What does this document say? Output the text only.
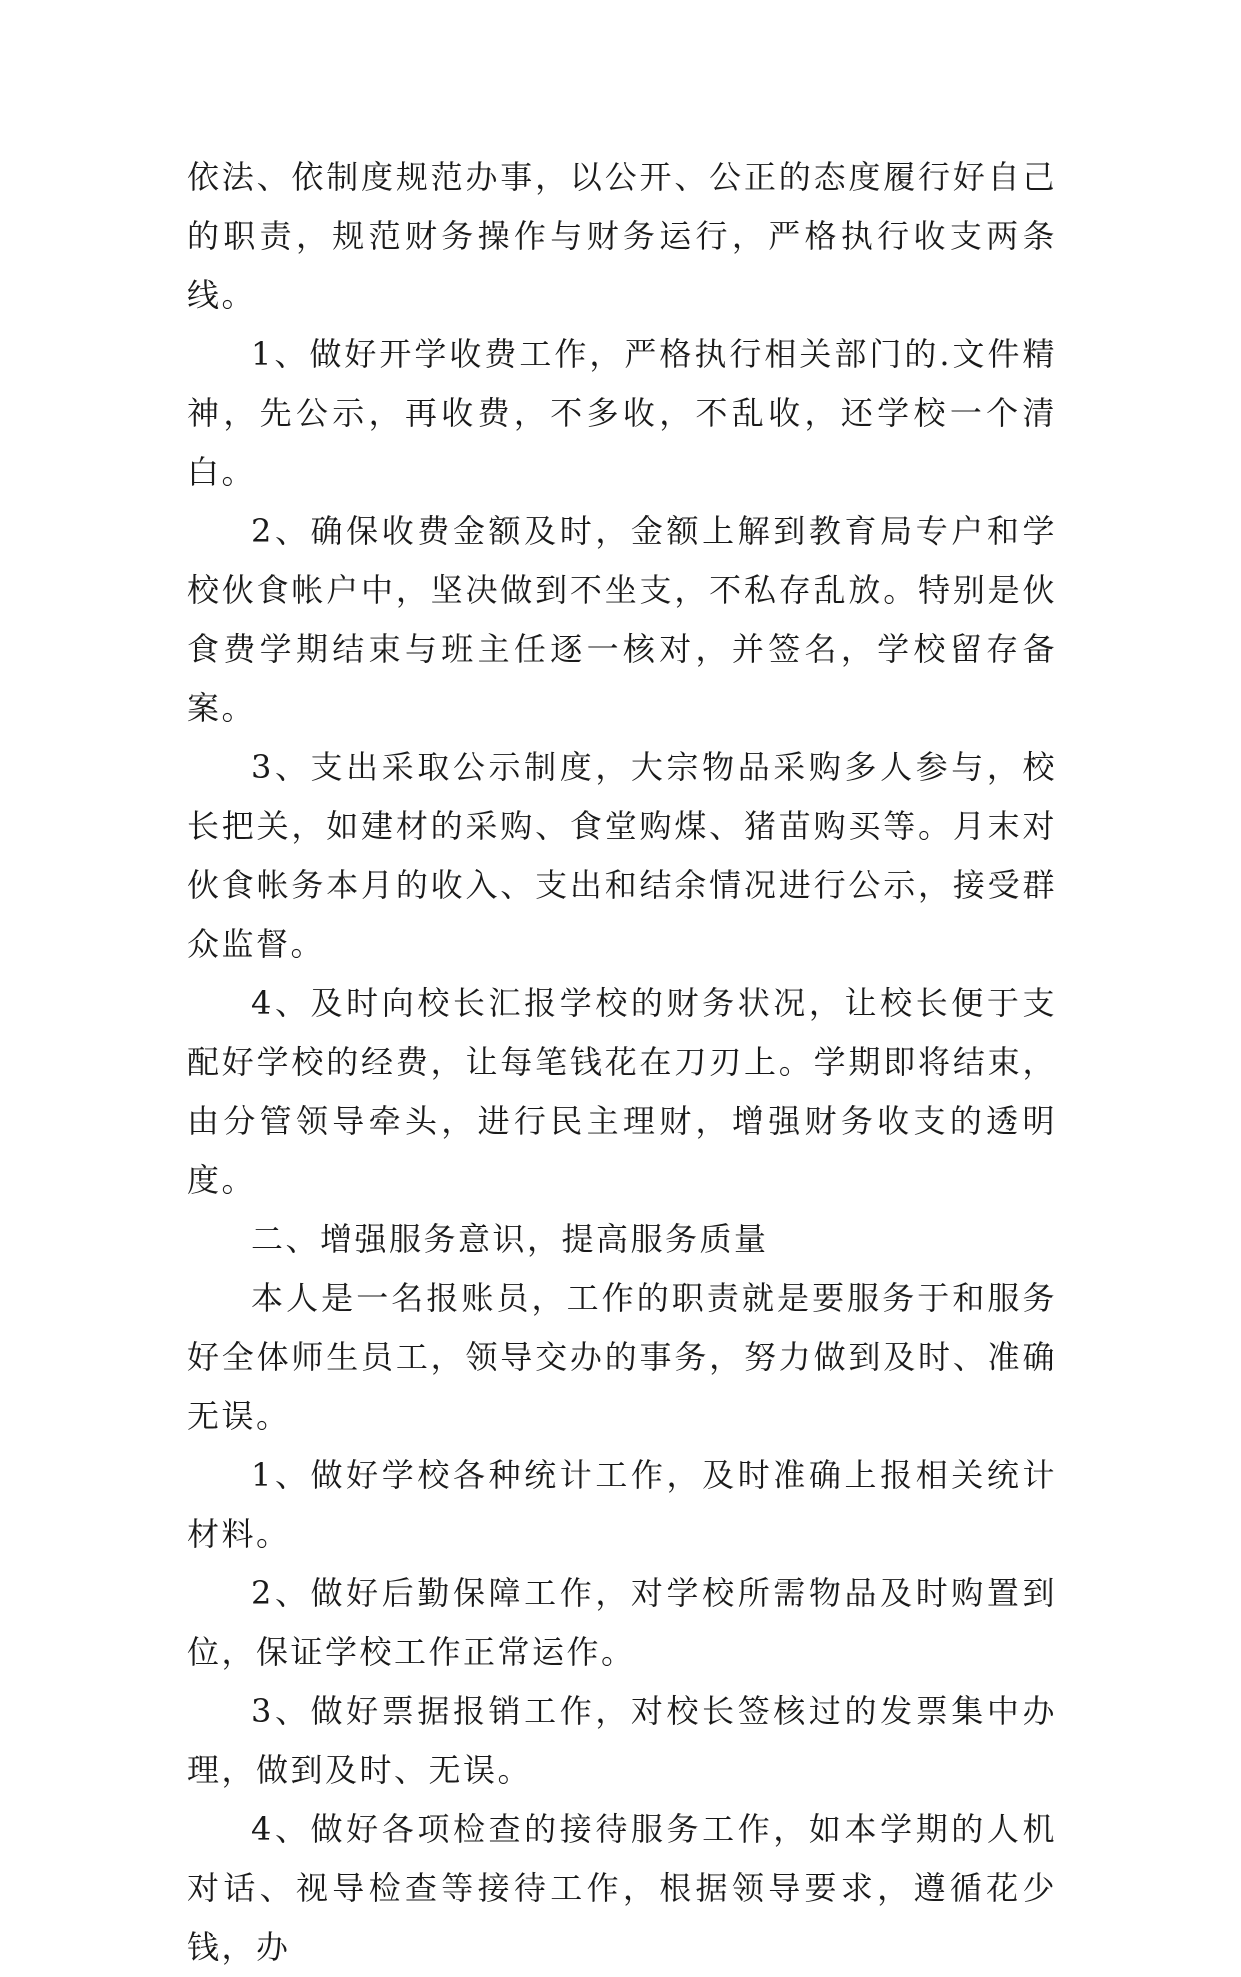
依法、依制度规范办事，以公开、公正的态度履行好自己的职责，规范财务操作与财务运行，严格执行收支两条线。

1、做好开学收费工作，严格执行相关部门的.文件精神，先公示，再收费，不多收，不乱收，还学校一个清白。

2、确保收费金额及时，金额上解到教育局专户和学校伙食帐户中，坚决做到不坐支，不私存乱放。特别是伙食费学期结束与班主任逐一核对，并签名，学校留存备案。

3、支出采取公示制度，大宗物品采购多人参与，校长把关，如建材的采购、食堂购煤、猪苗购买等。月末对伙食帐务本月的收入、支出和结余情况进行公示，接受群众监督。

4、及时向校长汇报学校的财务状况，让校长便于支配好学校的经费，让每笔钱花在刀刃上。学期即将结束，由分管领导牵头，进行民主理财，增强财务收支的透明度。

二、增强服务意识，提高服务质量

本人是一名报账员，工作的职责就是要服务于和服务好全体师生员工，领导交办的事务，努力做到及时、准确无误。

1、做好学校各种统计工作，及时准确上报相关统计材料。

2、做好后勤保障工作，对学校所需物品及时购置到位，保证学校工作正常运作。

3、做好票据报销工作，对校长签核过的发票集中办理，做到及时、无误。

4、做好各项检查的接待服务工作，如本学期的人机对话、视导检查等接待工作，根据领导要求，遵循花少钱，办
